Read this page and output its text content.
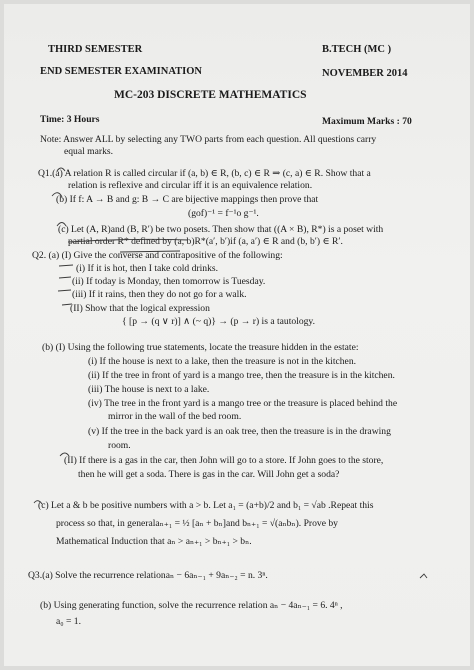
THIRD SEMESTER	B.TECH (MC )
END SEMESTER EXAMINATION	NOVEMBER 2014
MC-203 DISCRETE MATHEMATICS
Time: 3 Hours	Maximum Marks : 70
Note: Answer ALL by selecting any TWO parts from each question. All questions carry
equal marks.
Q1.(a) A relation R is called circular if (a, b) ∈ R, (b, c) ∈ R ⇒ (c, a) ∈ R. Show that a
relation is reflexive and circular iff it is an equivalence relation.
(b) If f: A → B and g: B → C are bijective mappings then prove that
(gof)⁻¹ = f⁻¹o g⁻¹.
(c) Let (A, R)and (B, R′) be two posets. Then show that ((A × B), R*) is a poset with
partial order R* defined by (a, b)R*(a′, b′)if (a, a′) ∈ R and (b, b′) ∈ R′.
Q2. (a) (I) Give the converse and contrapositive of the following:
(i) If it is hot, then I take cold drinks.
(ii) If today is Monday, then tomorrow is Tuesday.
(iii) If it rains, then they do not go for a walk.
(II) Show that the logical expression
{ [p → (q ∨ r)] ∧ (~ q)} → (p → r) is a tautology.
(b) (I) Using the following true statements, locate the treasure hidden in the estate:
(i) If the house is next to a lake, then the treasure is not in the kitchen.
(ii) If the tree in front of yard is a mango tree, then the treasure is in the kitchen.
(iii) The house is next to a lake.
(iv) The tree in the front yard is a mango tree or the treasure is placed behind the
mirror in the wall of the bed room.
(v) If the tree in the back yard is an oak tree, then the treasure is in the drawing
room.
(II) If there is a gas in the car, then John will go to a store. If John goes to the store,
then he will get a soda. There is gas in the car. Will John get a soda?
(c) Let a & b be positive numbers with a > b. Let a₁ = (a+b)/2 and b₁ = √ab .Repeat this
process so that, in generalaₙ₊₁ = ½ [aₙ + bₙ]and bₙ₊₁ = √(aₙbₙ). Prove by
Mathematical Induction that aₙ > aₙ₊₁ > bₙ₊₁ > bₙ.
Q3.(a) Solve the recurrence relationaₙ − 6aₙ₋₁ + 9aₙ₋₂ = n. 3ⁿ.
(b) Using generating function, solve the recurrence relation aₙ − 4aₙ₋₁ = 6. 4ⁿ ,
a₀ = 1.
